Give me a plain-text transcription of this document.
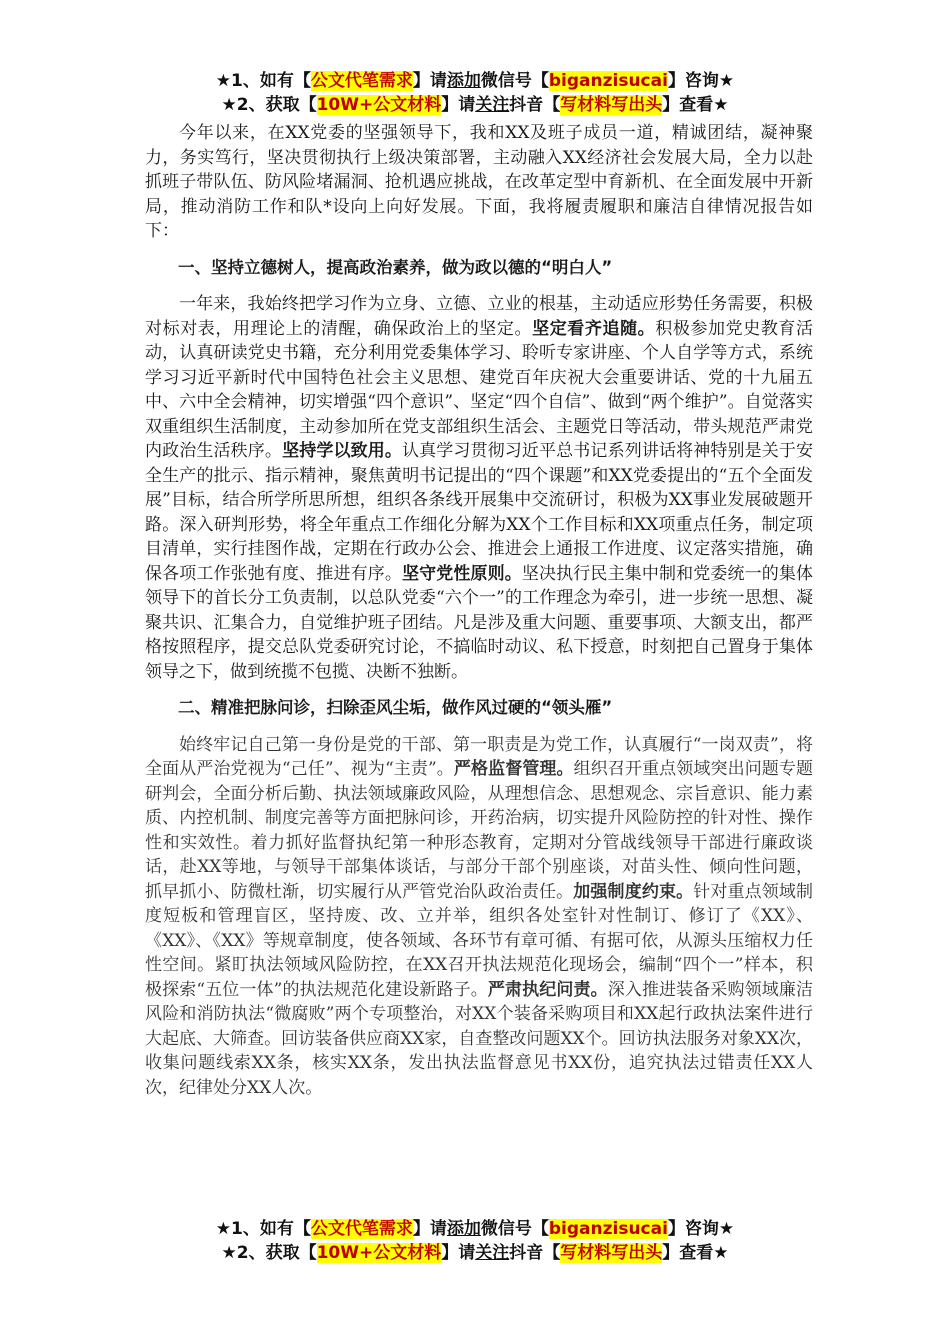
★1、如有【公文代笔需求】请添加微信号【biganzisucai】咨询★
★2、获取【10W+公文材料】请关注抖音【写材料写出头】查看★

今年以来，在XX党委的坚强领导下，我和XX及班子成员一道，精诚团结，凝神聚力，务实笃行，坚决贯彻执行上级决策部署，主动融入XX经济社会发展大局，全力以赴抓班子带队伍、防风险堵漏洞、抢机遇应挑战，在改革定型中育新机、在全面发展中开新局，推动消防工作和队*设向上向好发展。下面，我将履责履职和廉洁自律情况报告如下：

一、坚持立德树人，提高政治素养，做为政以德的“明白人”

一年来，我始终把学习作为立身、立德、立业的根基，主动适应形势任务需要，积极对标对表，用理论上的清醒，确保政治上的坚定。坚定看齐追随。积极参加党史教育活动，认真研读党史书籍，充分利用党委集体学习、聆听专家讲座、个人自学等方式，系统学习习近平新时代中国特色社会主义思想、建党百年庆祝大会重要讲话、党的十九届五中、六中全会精神，切实增强“四个意识”、坚定“四个自信”、做到“两个维护”。自觉落实双重组织生活制度，主动参加所在党支部组织生活会、主题党日等活动，带头规范严肃党内政治生活秩序。坚持学以致用。认真学习贯彻习近平总书记系列讲话将神特别是关于安全生产的批示、指示精神，聚焦黄明书记提出的“四个课题”和XX党委提出的“五个全面发展”目标，结合所学所思所想，组织各条线开展集中交流研讨，积极为XX事业发展破题开路。深入研判形势，将全年重点工作细化分解为XX个工作目标和XX项重点任务，制定项目清单，实行挂图作战，定期在行政办公会、推进会上通报工作进度、议定落实措施，确保各项工作张弛有度、推进有序。坚守党性原则。坚决执行民主集中制和党委统一的集体领导下的首长分工负责制，以总队党委“六个一”的工作理念为牵引，进一步统一思想、凝聚共识、汇集合力，自觉维护班子团结。凡是涉及重大问题、重要事项、大额支出，都严格按照程序，提交总队党委研究讨论，不搞临时动议、私下授意，时刻把自己置身于集体领导之下，做到统揽不包揽、决断不独断。

二、精准把脉问诊，扫除歪风尘垢，做作风过硬的“领头雁”

始终牢记自己第一身份是党的干部、第一职责是为党工作，认真履行“一岗双责”，将全面从严治党视为“己任”、视为“主责”。严格监督管理。组织召开重点领域突出问题专题研判会，全面分析后勤、执法领域廉政风险，从理想信念、思想观念、宗旨意识、能力素质、内控机制、制度完善等方面把脉问诊，开药治病，切实提升风险防控的针对性、操作性和实效性。着力抓好监督执纪第一种形态教育，定期对分管战线领导干部进行廉政谈话，赴XX等地，与领导干部集体谈话，与部分干部个别座谈，对苗头性、倾向性问题，抓早抓小、防微杜渐，切实履行从严管党治队政治责任。加强制度约束。针对重点领域制度短板和管理盲区，坚持废、改、立并举，组织各处室针对性制订、修订了《XX》、《XX》、《XX》等规章制度，使各领域、各环节有章可循、有据可依，从源头压缩权力任性空间。紧盯执法领域风险防控，在XX召开执法规范化现场会，编制“四个一”样本，积极探索“五位一体”的执法规范化建设新路子。严肃执纪问责。深入推进装备采购领域廉洁风险和消防执法“微腐败”两个专项整治，对XX个装备采购项目和XX起行政执法案件进行大起底、大筛查。回访装备供应商XX家，自查整改问题XX个。回访执法服务对象XX次，收集问题线索XX条，核实XX条，发出执法监督意见书XX份，追究执法过错责任XX人次，纪律处分XX人次。

★1、如有【公文代笔需求】请添加微信号【biganzisucai】咨询★
★2、获取【10W+公文材料】请关注抖音【写材料写出头】查看★
